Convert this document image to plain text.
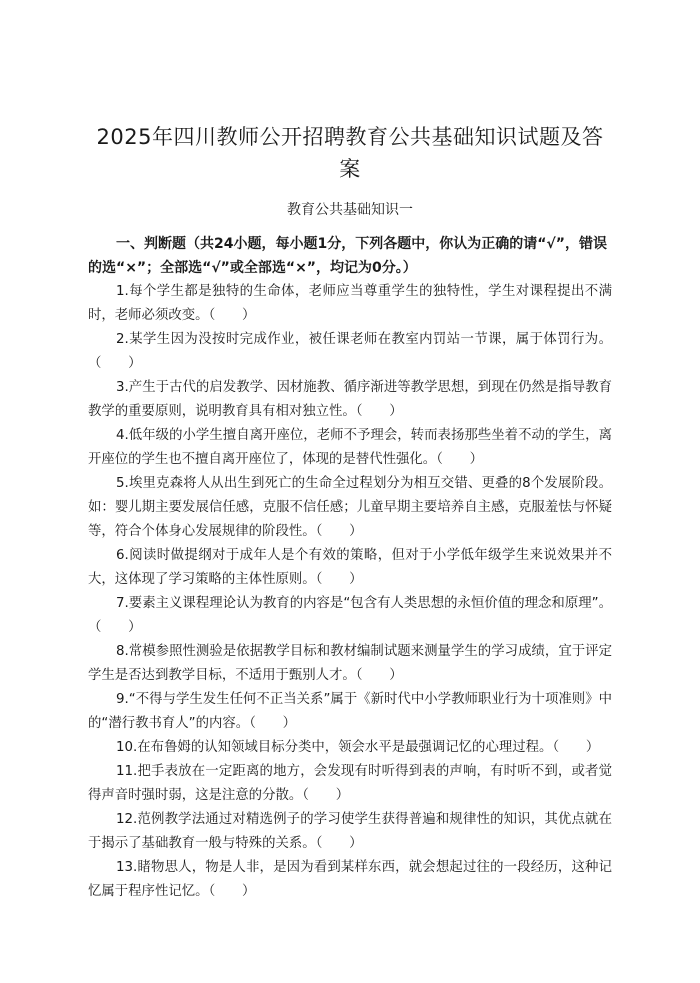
2025年四川教师公开招聘教育公共基础知识试题及答案
教育公共基础知识一

一、判断题（共24小题，每小题1分，下列各题中，你认为正确的请“√”，错误的选“×”；全部选“√”或全部选“×”，均记为0分。）

1.每个学生都是独特的生命体，老师应当尊重学生的独特性，学生对课程提出不满时，老师必须改变。（　　）
2.某学生因为没按时完成作业，被任课老师在教室内罚站一节课，属于体罚行为。（　　）
3.产生于古代的启发教学、因材施教、循序渐进等教学思想，到现在仍然是指导教育教学的重要原则，说明教育具有相对独立性。（　　）
4.低年级的小学生擅自离开座位，老师不予理会，转而表扬那些坐着不动的学生，离开座位的学生也不擅自离开座位了，体现的是替代性强化。（　　）
5.埃里克森将人从出生到死亡的生命全过程划分为相互交错、更叠的8个发展阶段。如：婴儿期主要发展信任感，克服不信任感；儿童早期主要培养自主感，克服羞怯与怀疑等，符合个体身心发展规律的阶段性。（　　）
6.阅读时做提纲对于成年人是个有效的策略，但对于小学低年级学生来说效果并不大，这体现了学习策略的主体性原则。（　　）
7.要素主义课程理论认为教育的内容是“包含有人类思想的永恒价值的理念和原理”。（　　）
8.常模参照性测验是依据教学目标和教材编制试题来测量学生的学习成绩，宜于评定学生是否达到教学目标，不适用于甄别人才。（　　）
9.“不得与学生发生任何不正当关系”属于《新时代中小学教师职业行为十项准则》中的“潜行教书育人”的内容。（　　）
10.在布鲁姆的认知领域目标分类中，领会水平是最强调记忆的心理过程。（　　）
11.把手表放在一定距离的地方，会发现有时听得到表的声响，有时听不到，或者觉得声音时强时弱，这是注意的分散。（　　）
12.范例教学法通过对精选例子的学习使学生获得普遍和规律性的知识，其优点就在于揭示了基础教育一般与特殊的关系。（　　）
13.睹物思人，物是人非，是因为看到某样东西，就会想起过往的一段经历，这种记忆属于程序性记忆。（　　）
